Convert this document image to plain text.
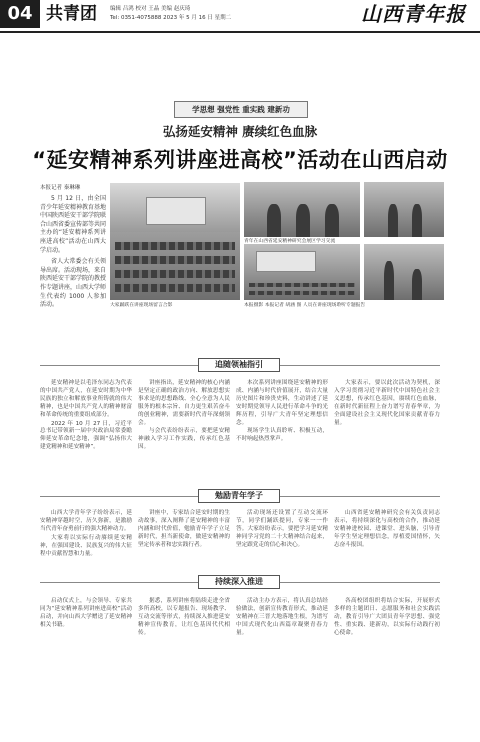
04 共青团 编辑 吕鸿 校对 王晶 美编 赵庆琦
Tel: 0351-4075888 2023 年 5 月 16 日 星期二	山西青年报
学思想 强党性 重实践 建新功
弘扬延安精神 赓续红色血脉
“延安精神系列讲座进高校”活动在山西启动
本报记者 秦琳琳
5 月 12 日，由全国青少年延安精神教育基地中国陕西延安干部学院联合山西省委宣传部等共同主办的“延安精神系列讲座进高校”活动在山西大学启动。
省人大常委会有关领导出席。活动现场，来自陕西延安干部学院的教授作专题讲座，山西大学师生代表约 1000 人参加活动。	大家踊跃在讲座现场留言合影
青年在山西省延安精神研究会展区学习交流
本报摄影 本报记者 胡涵 图 人员在讲座现场聆听专题报告
追随领袖指引

延安精神是以毛泽东同志为代表的中国共产党人，在延安时期为中华民族的独立和解放事业所铸就的伟大精神，也是中国共产党人的精神财富和革命传统的重要组成部分。

2022 年 10 月 27 日，习近平总书记带领新一届中央政治局常委瞻仰延安革命纪念地，强调“弘扬伟大建党精神和延安精神”。

讲座指出，延安精神的核心内涵是坚定正确的政治方向、解放思想实事求是的思想路线、全心全意为人民服务的根本宗旨、自力更生艰苦奋斗的创业精神，需要新时代青年深刻领会。

与会代表纷纷表示，要把延安精神融入学习工作实践，传承红色基因。

本次系列讲座围绕延安精神的形成、内涵与时代价值展开，结合大量历史图片和珍贵史料，生动讲述了延安时期党领导人民进行革命斗争的光辉历程，引导广大青年坚定理想信念。

现场学生认真聆听、积极互动，不时响起热烈掌声。

大家表示，要以此次活动为契机，深入学习贯彻习近平新时代中国特色社会主义思想，传承红色基因，赓续红色血脉，在新时代新征程上奋力谱写青春华章，为全面建设社会主义现代化国家贡献青春力量。

勉励青年学子

山西大学青年学子纷纷表示，延安精神穿越时空，历久弥新，是激励当代青年奋勇前行的强大精神动力。

大家将以实际行动赓续延安精神，在强国建设、民族复兴的伟大征程中贡献智慧和力量。

讲座中，专家结合延安时期的生动故事，深入阐释了延安精神的丰富内涵和时代价值，勉励青年学子立足新时代，担当新使命，做延安精神的坚定传承者和忠实践行者。

活动现场还设置了互动交流环节，同学们踊跃提问，专家一一作答。大家纷纷表示，要把学习延安精神同学习党的二十大精神结合起来，坚定跟党走的信心和决心。

山西省延安精神研究会有关负责同志表示，将持续深化与高校的合作，推动延安精神进校园、进课堂、进头脑，引导青年学生坚定理想信念，厚植爱国情怀，矢志奋斗报国。

持续深入推进

启动仪式上，与会领导、专家共同为“延安精神系列讲座进高校”活动启动，并向山西大学赠送了延安精神相关书籍。

据悉，系列讲座将陆续走进全省多所高校，以专题报告、现场教学、互动交流等形式，持续深入推进延安精神宣传教育，让红色基因代代相传。

活动主办方表示，将认真总结经验做法，创新宣传教育形式，推动延安精神在三晋大地落地生根，为谱写中国式现代化山西篇章凝聚青春力量。

各高校团组织将结合实际，开展形式多样的主题团日、志愿服务和社会实践活动，教育引导广大团员青年学思想、强党性、重实践、建新功，以实际行动践行初心使命。
